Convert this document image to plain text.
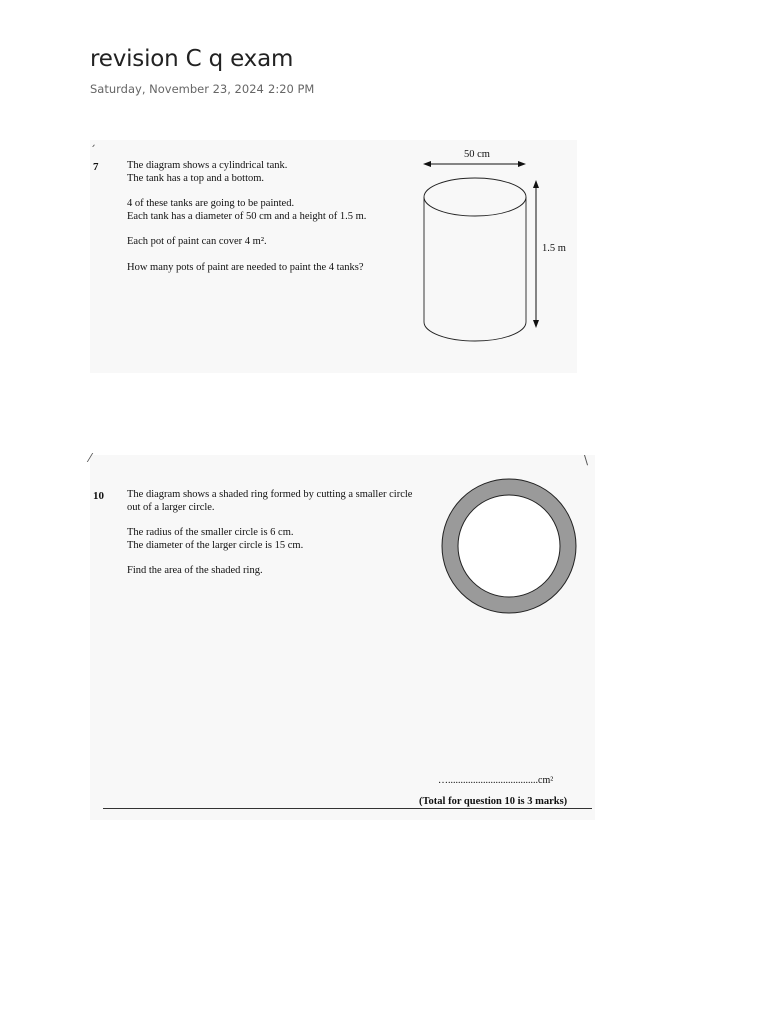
revision C q exam
Saturday, November 23, 2024 2:20 PM
ˏ
7	The diagram shows a cylindrical tank.

The tank has a top and a bottom.

4 of these tanks are going to be painted.

Each tank has a diameter of 50 cm and a height of 1.5 m.

Each pot of paint can cover 4 m².

How many pots of paint are needed to paint the 4 tanks?

50 cm
1.5 m
⁄	\
10 The diagram shows a shaded ring formed by cutting a smaller circle

out of a larger circle.

The radius of the smaller circle is 6 cm.

The diameter of the larger circle is 15 cm.

Find the area of the shaded ring.

…....................................cm²
(Total for question 10 is 3 marks)
